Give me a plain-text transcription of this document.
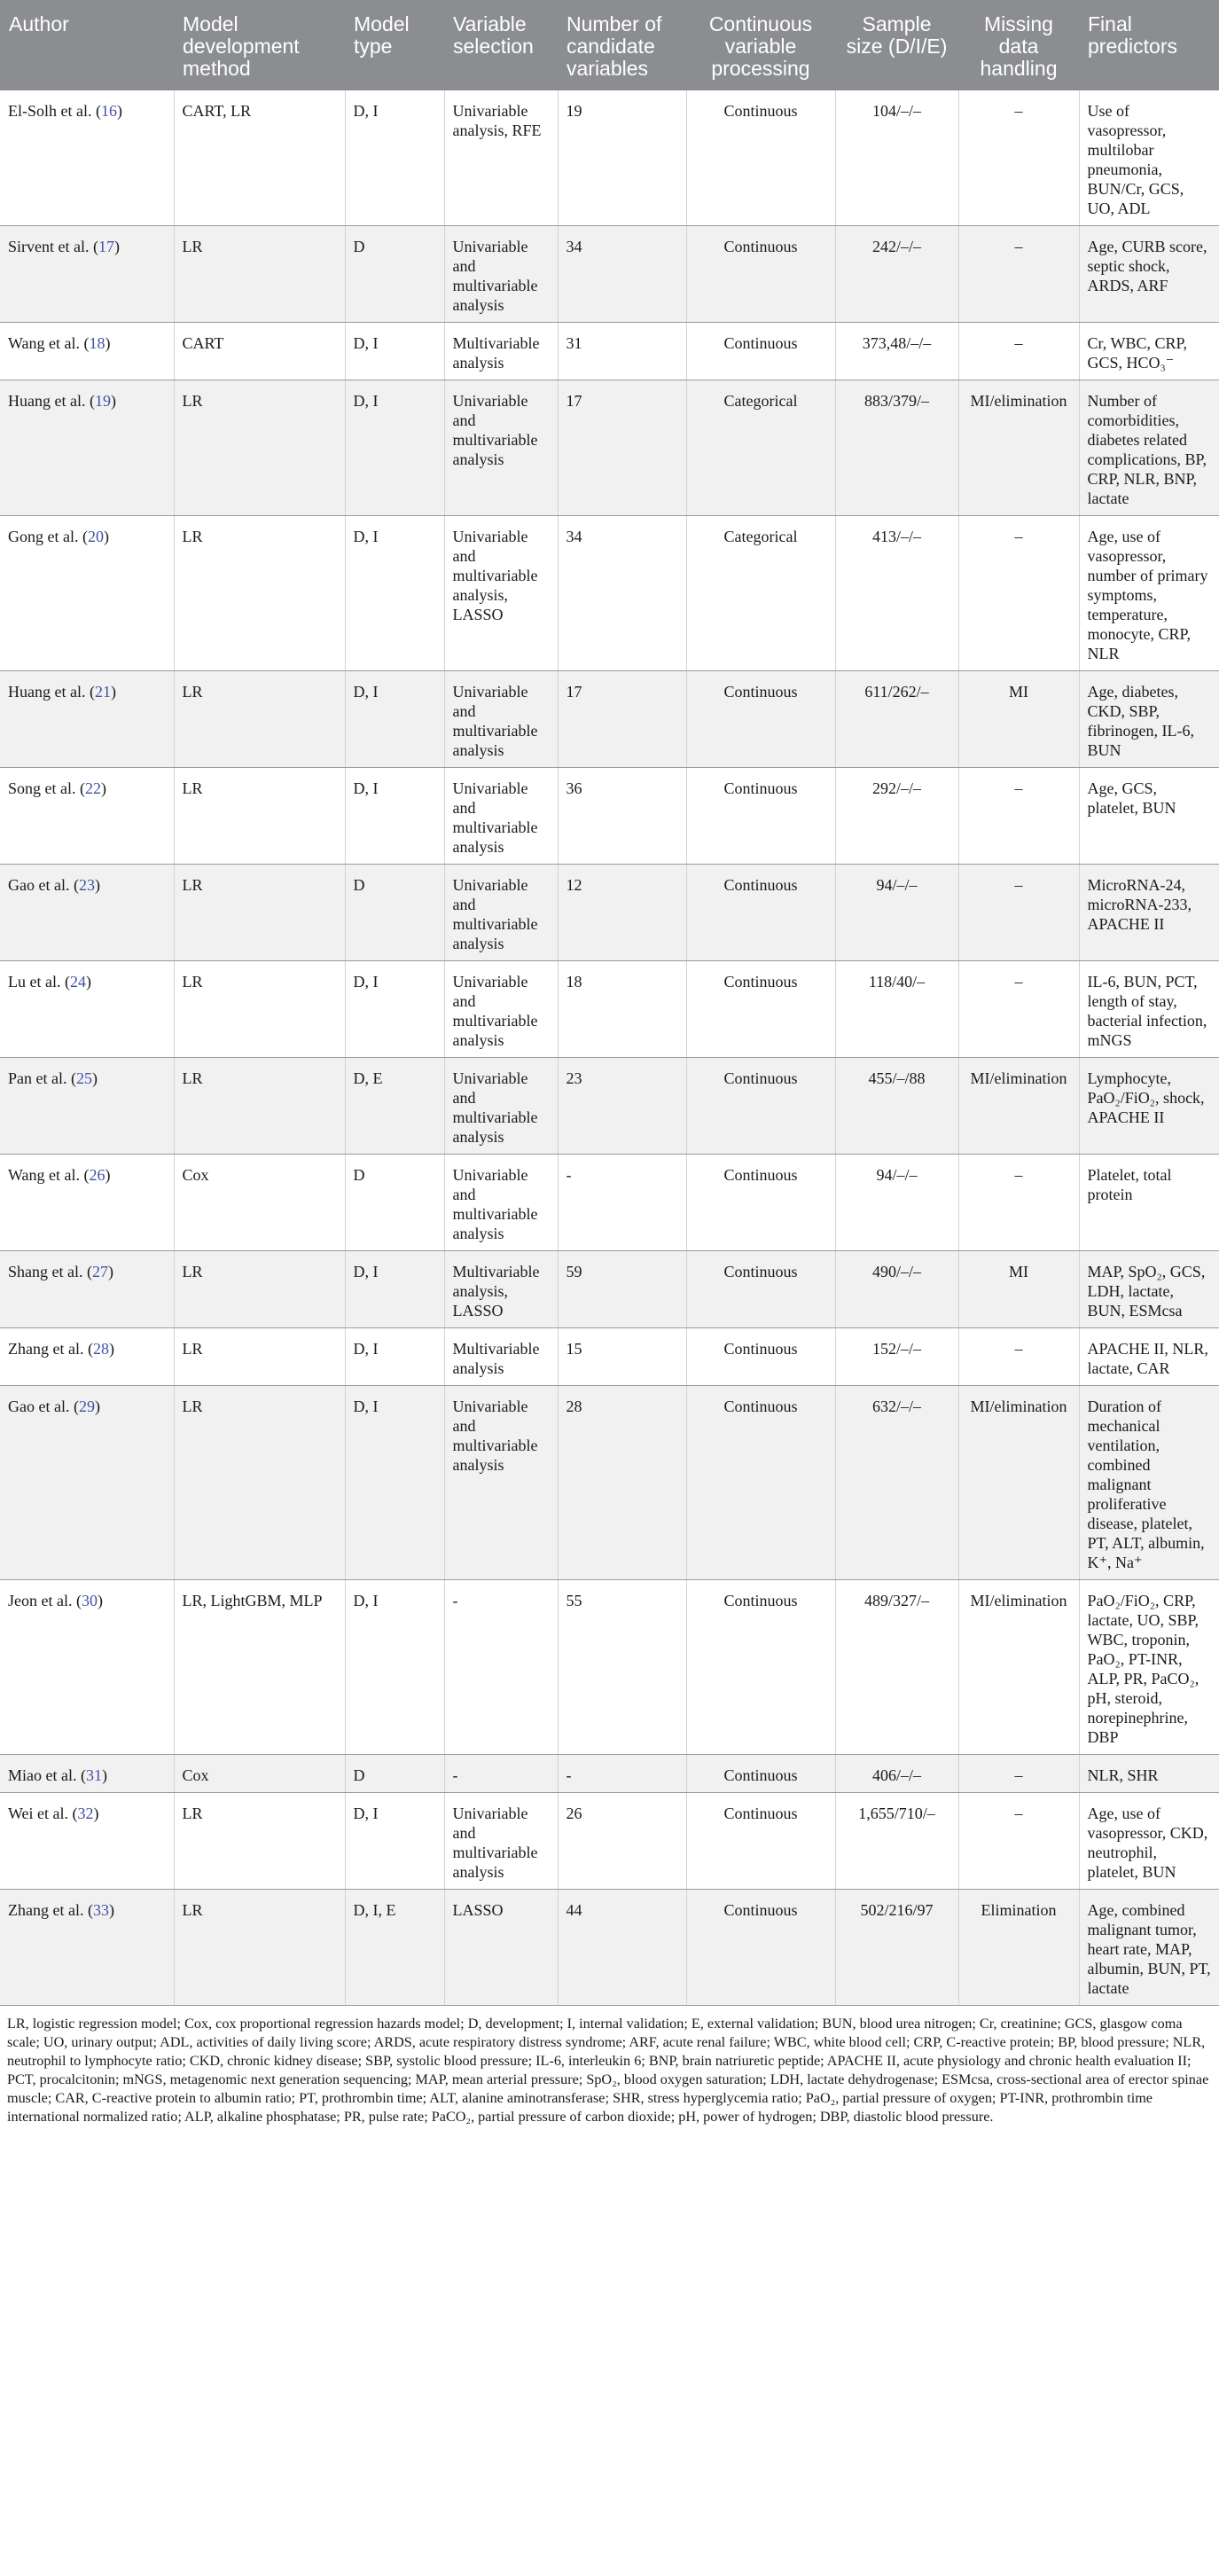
Author	Model development method	Model type	Variable selection	Number of candidate variables	Continuous variable processing	Sample size (D/I/E)	Missing data handling	Final predictors
El-Solh et al. (16)	CART, LR	D, I	Univariable analysis, RFE	19	Continuous	104/–/–	–	Use of vasopressor, multilobar pneumonia, BUN/Cr, GCS, UO, ADL
Sirvent et al. (17)	LR	D	Univariable and multivariable analysis	34	Continuous	242/–/–	–	Age, CURB score, septic shock, ARDS, ARF
Wang et al. (18)	CART	D, I	Multivariable analysis	31	Continuous	373,48/–/–	–	Cr, WBC, CRP, GCS, HCO₃⁻
Huang et al. (19)	LR	D, I	Univariable and multivariable analysis	17	Categorical	883/379/–	MI/elimination	Number of comorbidities, diabetes related complications, BP, CRP, NLR, BNP, lactate
Gong et al. (20)	LR	D, I	Univariable and multivariable analysis, LASSO	34	Categorical	413/–/–	–	Age, use of vasopressor, number of primary symptoms, temperature, monocyte, CRP, NLR
Huang et al. (21)	LR	D, I	Univariable and multivariable analysis	17	Continuous	611/262/–	MI	Age, diabetes, CKD, SBP, fibrinogen, IL-6, BUN
Song et al. (22)	LR	D, I	Univariable and multivariable analysis	36	Continuous	292/–/–	–	Age, GCS, platelet, BUN
Gao et al. (23)	LR	D	Univariable and multivariable analysis	12	Continuous	94/–/–	–	MicroRNA-24, microRNA-233, APACHE II
Lu et al. (24)	LR	D, I	Univariable and multivariable analysis	18	Continuous	118/40/–	–	IL-6, BUN, PCT, length of stay, bacterial infection, mNGS
Pan et al. (25)	LR	D, E	Univariable and multivariable analysis	23	Continuous	455/–/88	MI/elimination	Lymphocyte, PaO₂/FiO₂, shock, APACHE II
Wang et al. (26)	Cox	D	Univariable and multivariable analysis	-	Continuous	94/–/–	–	Platelet, total protein
Shang et al. (27)	LR	D, I	Multivariable analysis, LASSO	59	Continuous	490/–/–	MI	MAP, SpO₂, GCS, LDH, lactate, BUN, ESMcsa
Zhang et al. (28)	LR	D, I	Multivariable analysis	15	Continuous	152/–/–	–	APACHE II, NLR, lactate, CAR
Gao et al. (29)	LR	D, I	Univariable and multivariable analysis	28	Continuous	632/–/–	MI/elimination	Duration of mechanical ventilation, combined malignant proliferative disease, platelet, PT, ALT, albumin, K⁺, Na⁺
Jeon et al. (30)	LR, LightGBM, MLP	D, I	-	55	Continuous	489/327/–	MI/elimination	PaO₂/FiO₂, CRP, lactate, UO, SBP, WBC, troponin, PaO₂, PT-INR, ALP, PR, PaCO₂, pH, steroid, norepinephrine, DBP
Miao et al. (31)	Cox	D	-	-	Continuous	406/–/–	–	NLR, SHR
Wei et al. (32)	LR	D, I	Univariable and multivariable analysis	26	Continuous	1,655/710/–	–	Age, use of vasopressor, CKD, neutrophil, platelet, BUN
Zhang et al. (33)	LR	D, I, E	LASSO	44	Continuous	502/216/97	Elimination	Age, combined malignant tumor, heart rate, MAP, albumin, BUN, PT, lactate
LR, logistic regression model; Cox, cox proportional regression hazards model; D, development; I, internal validation; E, external validation; BUN, blood urea nitrogen; Cr, creatinine; GCS, glasgow coma scale; UO, urinary output; ADL, activities of daily living score; ARDS, acute respiratory distress syndrome; ARF, acute renal failure; WBC, white blood cell; CRP, C-reactive protein; BP, blood pressure; NLR, neutrophil to lymphocyte ratio; CKD, chronic kidney disease; SBP, systolic blood pressure; IL-6, interleukin 6; BNP, brain natriuretic peptide; APACHE II, acute physiology and chronic health evaluation II; PCT, procalcitonin; mNGS, metagenomic next generation sequencing; MAP, mean arterial pressure; SpO₂, blood oxygen saturation; LDH, lactate dehydrogenase; ESMcsa, cross-sectional area of erector spinae muscle; CAR, C-reactive protein to albumin ratio; PT, prothrombin time; ALT, alanine aminotransferase; SHR, stress hyperglycemia ratio; PaO₂, partial pressure of oxygen; PT-INR, prothrombin time international normalized ratio; ALP, alkaline phosphatase; PR, pulse rate; PaCO₂, partial pressure of carbon dioxide; pH, power of hydrogen; DBP, diastolic blood pressure.
